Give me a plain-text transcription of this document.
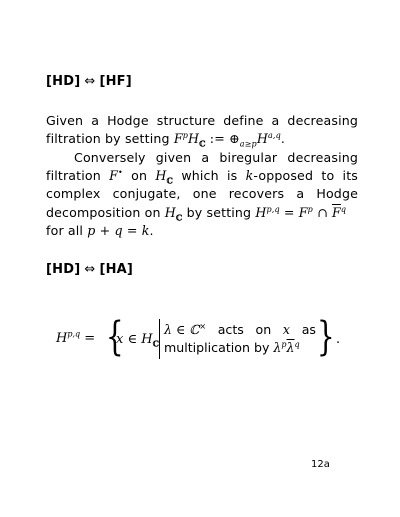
[HD] ⇔ [HF]
Given a Hodge structure define a decreasing filtration by setting $F^pH_ℂ$ := $\oplus_{a\ge p}H^{a,q}$.
Conversely given a biregular decreasing filtration F• on $H_ℂ$ which is k-opposed to its complex conjugate, one recovers a Hodge decomposition on $H_ℂ$ by setting $H^{p,q} = F^p$ ∩ $\overline{F}^q$
for all p + q = k.
[HD] ⇔ [HA]
H$^{p,q}$ = {
x ∈ $H_ℂ$
λ ∈ ℂ× acts on x as
multiplication by $\lambda^p\overline{\lambda}^q$ } .
12a
